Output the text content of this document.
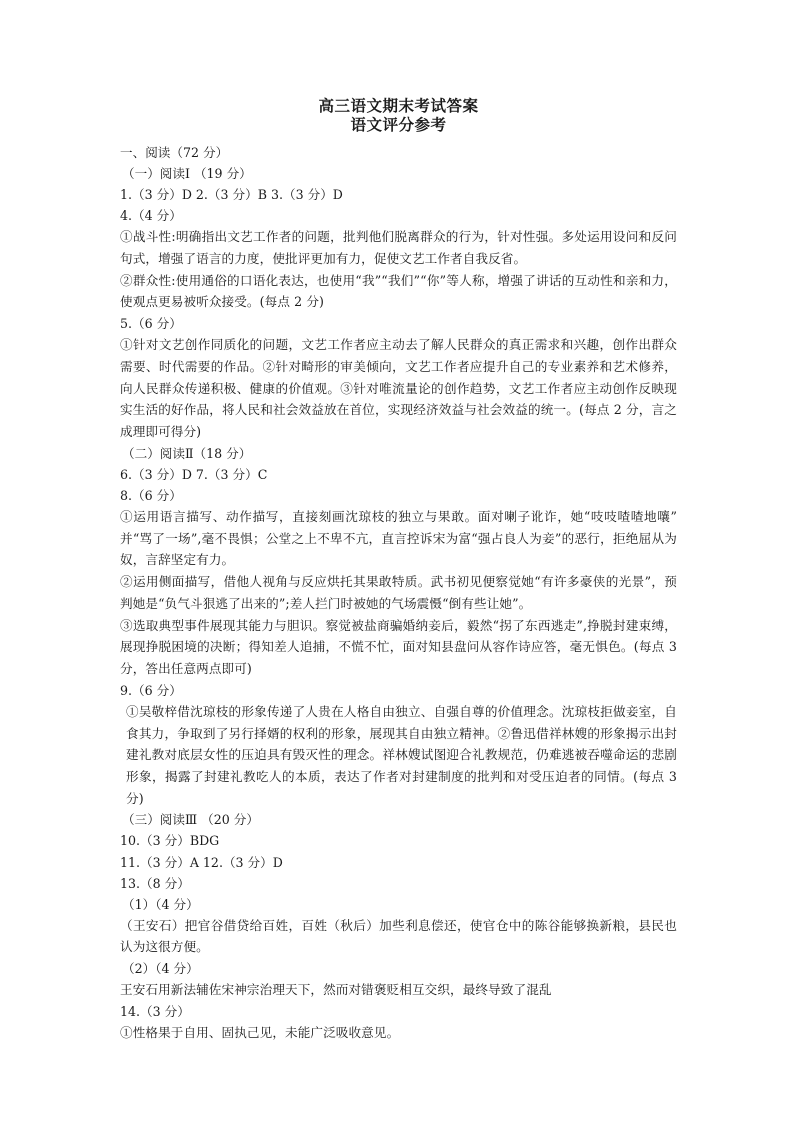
高三语文期末考试答案
语文评分参考

一、阅读（72 分）

（一）阅读Ⅰ （19 分）

1.（3 分）D 2.（3 分）B 3.（3 分）D

4.（4 分）

①战斗性:明确指出文艺工作者的问题，批判他们脱离群众的行为，针对性强。多处运用设问和反问句式，增强了语言的力度，使批评更加有力，促使文艺工作者自我反省。

②群众性:使用通俗的口语化表达，也使用“我”“我们”“你”等人称，增强了讲话的互动性和亲和力，使观点更易被听众接受。(每点 2 分)

5.（6 分）

①针对文艺创作同质化的问题，文艺工作者应主动去了解人民群众的真正需求和兴趣，创作出群众需要、时代需要的作品。②针对畸形的审美倾向，文艺工作者应提升自己的专业素养和艺术修养，向人民群众传递积极、健康的价值观。③针对唯流量论的创作趋势，文艺工作者应主动创作反映现实生活的好作品，将人民和社会效益放在首位，实现经济效益与社会效益的统一。(每点 2 分，言之成理即可得分)

（二）阅读Ⅱ（18 分）

6.（3 分）D 7.（3 分）C

8.（6 分）

①运用语言描写、动作描写，直接刻画沈琼枝的独立与果敢。面对喇子讹诈，她“吱吱喳喳地嚷” 并“骂了一场”,毫不畏惧；公堂之上不卑不亢，直言控诉宋为富“强占良人为妾”的恶行，拒绝屈从为奴，言辞坚定有力。

②运用侧面描写，借他人视角与反应烘托其果敢特质。武书初见便察觉她“有许多豪侠的光景”，预判她是“负气斗狠逃了出来的”;差人拦门时被她的气场震慑“倒有些让她”。

③选取典型事件展现其能力与胆识。察觉被盐商骗婚纳妾后，毅然“拐了东西逃走”,挣脱封建束缚，展现挣脱困境的决断；得知差人追捕，不慌不忙，面对知县盘问从容作诗应答，毫无惧色。(每点 3 分，答出任意两点即可)

9.（6 分）

①吴敬梓借沈琼枝的形象传递了人贵在人格自由独立、自强自尊的价值理念。沈琼枝拒做妾室，自食其力，争取到了另行择婿的权利的形象，展现其自由独立精神。②鲁迅借祥林嫂的形象揭示出封建礼教对底层女性的压迫具有毁灭性的理念。祥林嫂试图迎合礼教规范，仍难逃被吞噬命运的悲剧形象，揭露了封建礼教吃人的本质，表达了作者对封建制度的批判和对受压迫者的同情。(每点 3 分)

（三）阅读Ⅲ （20 分）

10.（3 分）BDG

11.（3 分）A 12.（3 分）D

13.（8 分）

（1）（4 分）

（王安石）把官谷借贷给百姓，百姓（秋后）加些利息偿还，使官仓中的陈谷能够换新粮，县民也认为这很方便。

（2）（4 分）

王安石用新法辅佐宋神宗治理天下，然而对错褒贬相互交织，最终导致了混乱

14.（3 分）

①性格果于自用、固执己见，未能广泛吸收意见。
